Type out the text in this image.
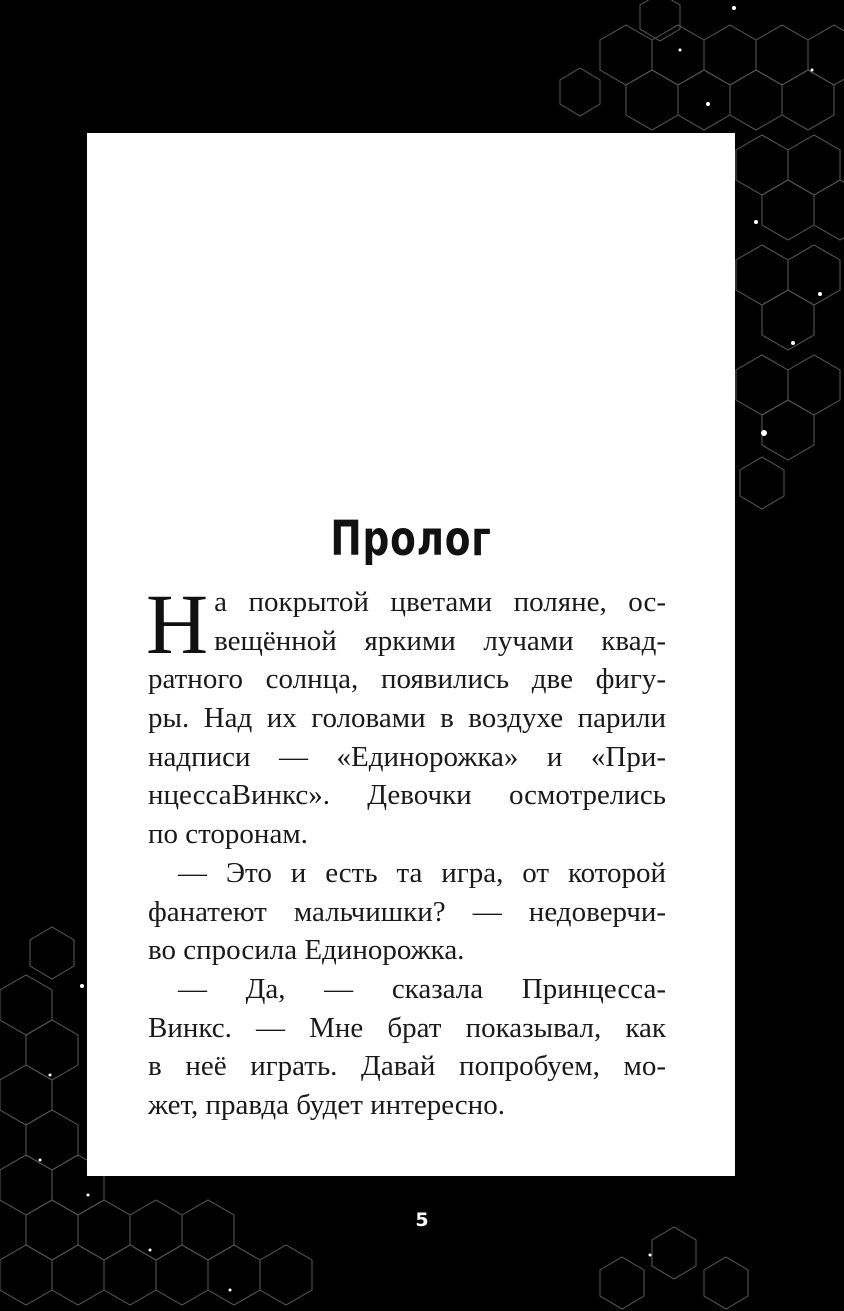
Пролог
Н а покрытой цветами поляне, ос-
вещённой яркими лучами квад-
ратного солнца, появились две фигу-
ры. Над их головами в воздухе парили
надписи — «Единорожка» и «При-
нцессаВинкс». Девочки осмотрелись
по сторонам.
— Это и есть та игра, от которой
фанатеют мальчишки? — недоверчи-
во спросила Единорожка.
— Да, — сказала Принцесса-
Винкс. — Мне брат показывал, как
в неё играть. Давай попробуем, мо-
жет, правда будет интересно.
5
